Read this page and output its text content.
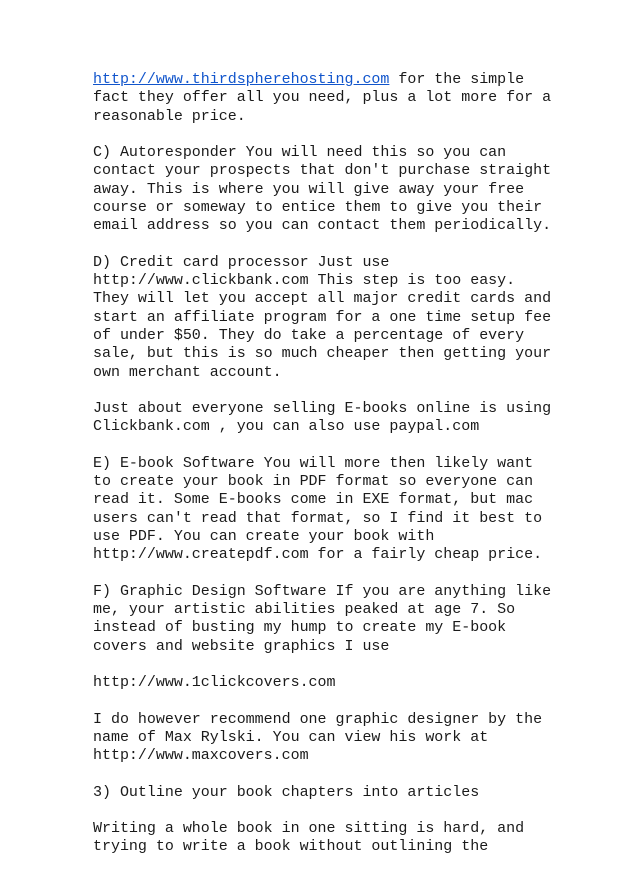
http://www.thirdspherehosting.com for the simple
fact they offer all you need, plus a lot more for a
reasonable price.

C) Autoresponder You will need this so you can
contact your prospects that don't purchase straight
away. This is where you will give away your free
course or someway to entice them to give you their
email address so you can contact them periodically.

D) Credit card processor Just use
http://www.clickbank.com This step is too easy.
They will let you accept all major credit cards and
start an affiliate program for a one time setup fee
of under $50. They do take a percentage of every
sale, but this is so much cheaper then getting your
own merchant account.

Just about everyone selling E-books online is using
Clickbank.com , you can also use paypal.com

E) E-book Software You will more then likely want
to create your book in PDF format so everyone can
read it. Some E-books come in EXE format, but mac
users can't read that format, so I find it best to
use PDF. You can create your book with
http://www.createpdf.com for a fairly cheap price.

F) Graphic Design Software If you are anything like
me, your artistic abilities peaked at age 7. So
instead of busting my hump to create my E-book
covers and website graphics I use

http://www.1clickcovers.com

I do however recommend one graphic designer by the
name of Max Rylski. You can view his work at
http://www.maxcovers.com

3) Outline your book chapters into articles

Writing a whole book in one sitting is hard, and
trying to write a book without outlining the
